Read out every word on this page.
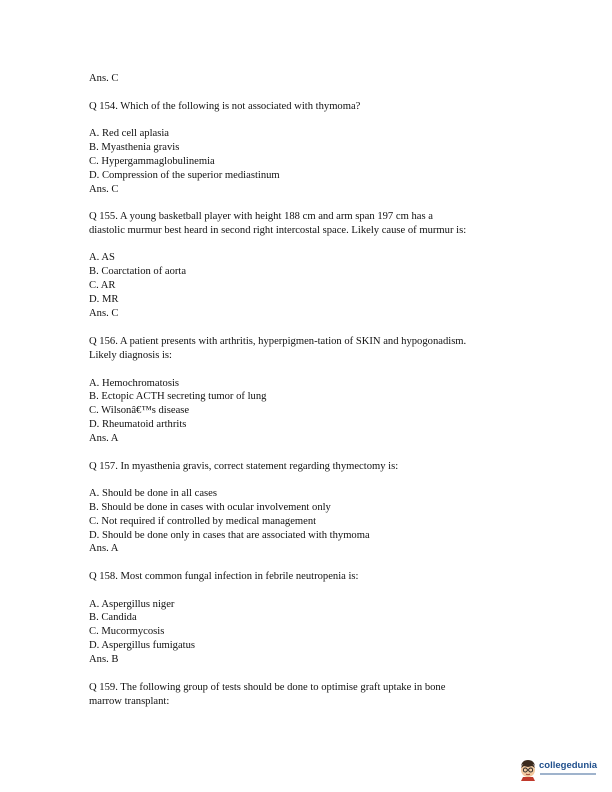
Ans. C

Q 154. Which of the following is not associated with thymoma?

A. Red cell aplasia

B. Myasthenia gravis

C. Hypergammaglobulinemia

D. Compression of the superior mediastinum

Ans. C

Q 155. A young basketball player with height 188 cm and arm span 197 cm has a

diastolic murmur best heard in second right intercostal space. Likely cause of murmur is:

A. AS

B. Coarctation of aorta

C. AR

D. MR

Ans. C

Q 156. A patient presents with arthritis, hyperpigmen-tation of SKIN and hypogonadism.

Likely diagnosis is:

A. Hemochromatosis

B. Ectopic ACTH secreting tumor of lung

C. Wilsonâ€™s disease

D. Rheumatoid arthrits

Ans. A

Q 157. In myasthenia gravis, correct statement regarding thymectomy is:

A. Should be done in all cases

B. Should be done in cases with ocular involvement only

C. Not required if controlled by medical management

D. Should be done only in cases that are associated with thymoma

Ans. A

Q 158. Most common fungal infection in febrile neutropenia is:

A. Aspergillus niger

B. Candida

C. Mucormycosis

D. Aspergillus fumigatus

Ans. B

Q 159. The following group of tests should be done to optimise graft uptake in bone

marrow transplant:

collegedunia
